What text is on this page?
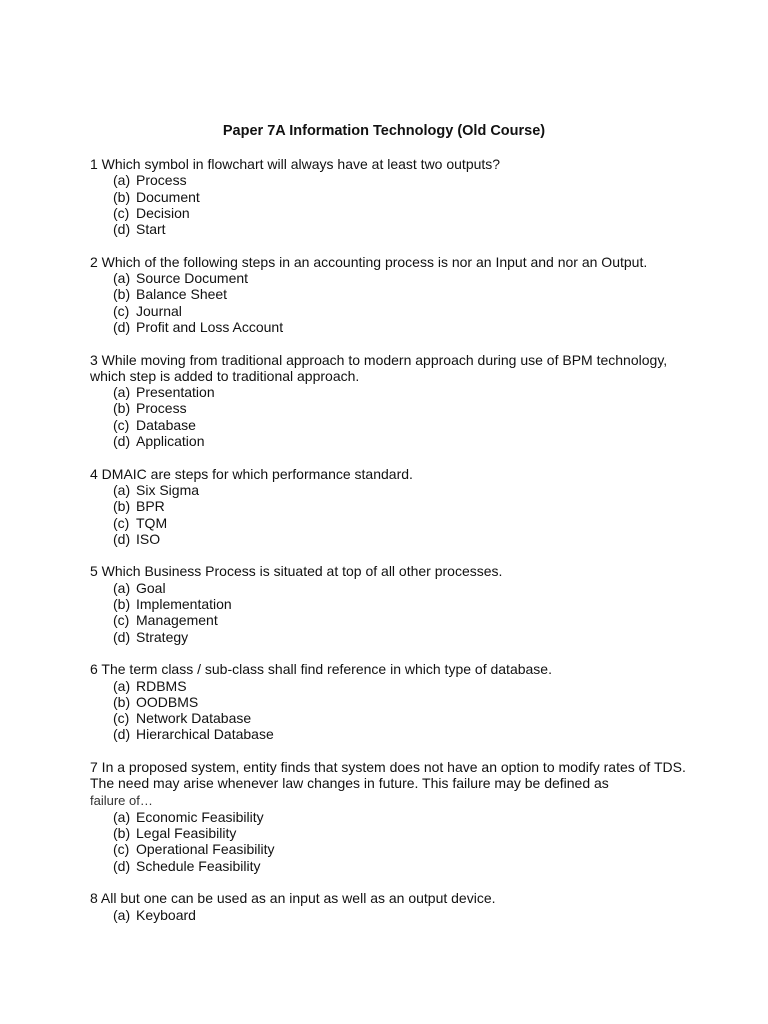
Paper 7A Information Technology (Old Course)

1 Which symbol in flowchart will always have at least two outputs?

(a) Process
(b) Document
(c) Decision
(d) Start

2 Which of the following steps in an accounting process is nor an Input and nor an Output.

(a) Source Document
(b) Balance Sheet
(c) Journal
(d) Profit and Loss Account

3 While moving from traditional approach to modern approach during use of BPM technology, which step is added to traditional approach.

(a) Presentation
(b) Process
(c) Database
(d) Application

4 DMAIC are steps for which performance standard.

(a) Six Sigma
(b) BPR
(c) TQM
(d) ISO

5 Which Business Process is situated at top of all other processes.

(a) Goal
(b) Implementation
(c) Management
(d) Strategy

6 The term class / sub-class shall find reference in which type of database.

(a) RDBMS
(b) OODBMS
(c) Network Database
(d) Hierarchical Database

7 In a proposed system, entity finds that system does not have an option to modify rates of TDS. The need may arise whenever law changes in future. This failure may be defined as
failure of…

(a) Economic Feasibility
(b) Legal Feasibility
(c) Operational Feasibility
(d) Schedule Feasibility

8 All but one can be used as an input as well as an output device.

(a) Keyboard
